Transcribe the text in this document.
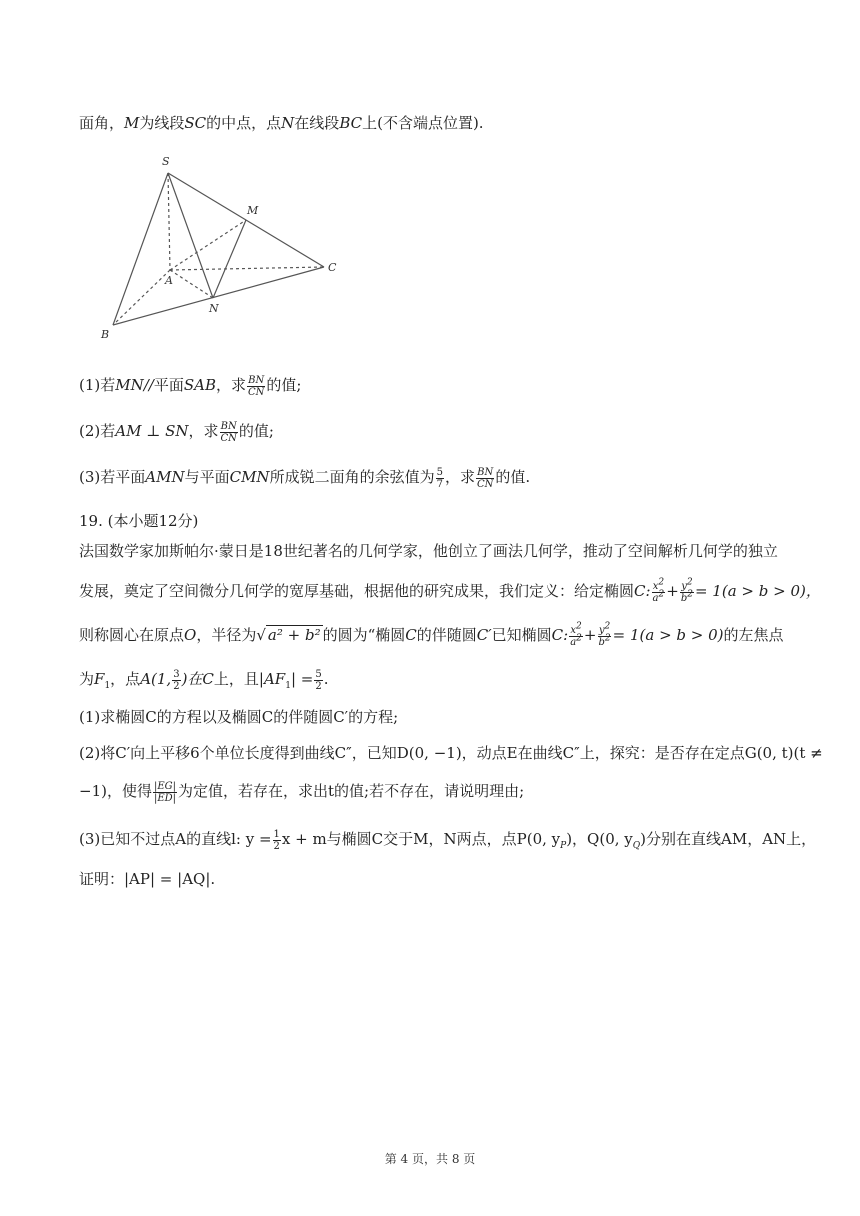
面角，M为线段SC的中点，点N在线段BC上(不含端点位置).
S
M
A
C
N
B
(1)若MN//平面SAB，求 $\frac{BN}{CN}$ 的值;
(2)若AM ⊥ SN，求 $\frac{BN}{CN}$ 的值;
(3)若平面AMN与平面CMN所成锐二面角的余弦值为 $\frac{5}{7}$ ，求 $\frac{BN}{CN}$ 的值.
19. (本小题12分)
法国数学家加斯帕尔·蒙日是18世纪著名的几何学家，他创立了画法几何学，推动了空间解析几何学的独立
发展，奠定了空间微分几何学的宽厚基础，根据他的研究成果，我们定义：给定椭圆C: $\frac{x^2}{a^2} + \frac{y^2}{b^2} = 1(a > b > 0)$，
则称圆心在原点O，半径为√ a² + b² 的圆为“椭圆C的伴随圆C′已知椭圆C: $\frac{x^2}{a^2} + \frac{y^2}{b^2} = 1(a > b > 0)$的左焦点
为$F_1$，点A(1, $\frac{3}{2}$ )在C上，且$|AF_1| = \frac{5}{2}$ .
(1)求椭圆C的方程以及椭圆C的伴随圆C′的方程;
(2)将C′向上平移6个单位长度得到曲线C″，已知D(0, −1)，动点E在曲线C″上，探究：是否存在定点G(0, t)(t ≠
−1)，使得 $\frac{|EG|}{|ED|}$ 为定值，若存在，求出t的值;若不存在，请说明理由;
(3)已知不过点A的直线l: $y = \frac{1}{2}$ x + m与椭圆C交于M，N两点，点P(0, $y_P$)，Q(0, $y_Q$)分别在直线AM，AN上，
证明：|AP| = |AQ|.
第 4 页，共 8 页
